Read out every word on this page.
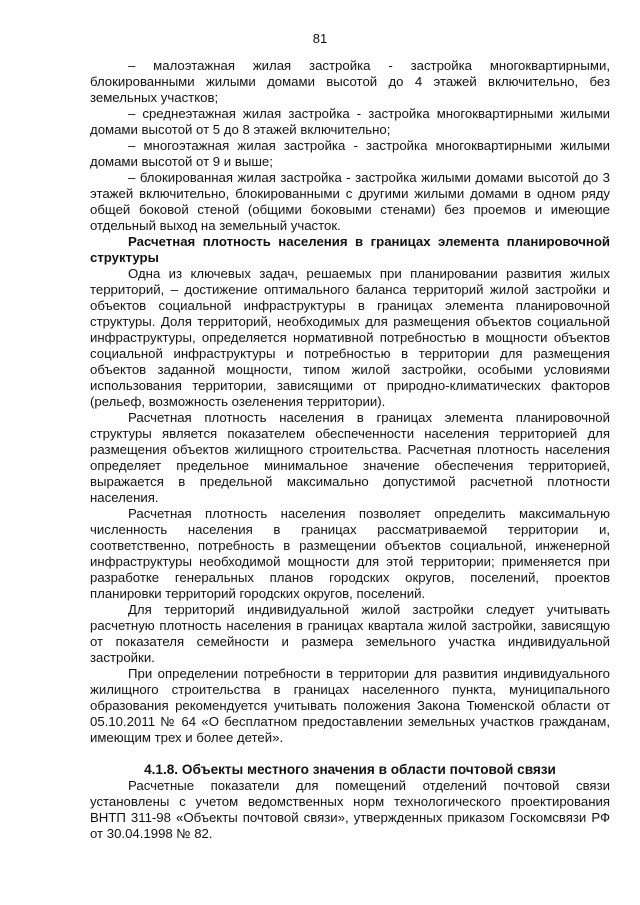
81

– малоэтажная жилая застройка - застройка многоквартирными, блокированными жилыми домами высотой до 4 этажей включительно, без земельных участков;

– среднеэтажная жилая застройка - застройка многоквартирными жилыми домами высотой от 5 до 8 этажей включительно;

– многоэтажная жилая застройка - застройка многоквартирными жилыми домами высотой от 9 и выше;

– блокированная жилая застройка - застройка жилыми домами высотой до 3 этажей включительно, блокированными с другими жилыми домами в одном ряду общей боковой стеной (общими боковыми стенами) без проемов и имеющие отдельный выход на земельный участок.

Расчетная плотность населения в границах элемента планировочной структуры

Одна из ключевых задач, решаемых при планировании развития жилых территорий, – достижение оптимального баланса территорий жилой застройки и объектов социальной инфраструктуры в границах элемента планировочной структуры. Доля территорий, необходимых для размещения объектов социальной инфраструктуры, определяется нормативной потребностью в мощности объектов социальной инфраструктуры и потребностью в территории для размещения объектов заданной мощности, типом жилой застройки, особыми условиями использования территории, зависящими от природно-климатических факторов (рельеф, возможность озеленения территории).

Расчетная плотность населения в границах элемента планировочной структуры является показателем обеспеченности населения территорией для размещения объектов жилищного строительства. Расчетная плотность населения определяет предельное минимальное значение обеспечения территорией, выражается в предельной максимально допустимой расчетной плотности населения.

Расчетная плотность населения позволяет определить максимальную численность населения в границах рассматриваемой территории и, соответственно, потребность в размещении объектов социальной, инженерной инфраструктуры необходимой мощности для этой территории; применяется при разработке генеральных планов городских округов, поселений, проектов планировки территорий городских округов, поселений.

Для территорий индивидуальной жилой застройки следует учитывать расчетную плотность населения в границах квартала жилой застройки, зависящую от показателя семейности и размера земельного участка индивидуальной застройки.

При определении потребности в территории для развития индивидуального жилищного строительства в границах населенного пункта, муниципального образования рекомендуется учитывать положения Закона Тюменской области от 05.10.2011 № 64 «О бесплатном предоставлении земельных участков гражданам, имеющим трех и более детей».

4.1.8. Объекты местного значения в области почтовой связи

Расчетные показатели для помещений отделений почтовой связи установлены с учетом ведомственных норм технологического проектирования ВНТП 311-98 «Объекты почтовой связи», утвержденных приказом Госкомсвязи РФ от 30.04.1998 № 82.
